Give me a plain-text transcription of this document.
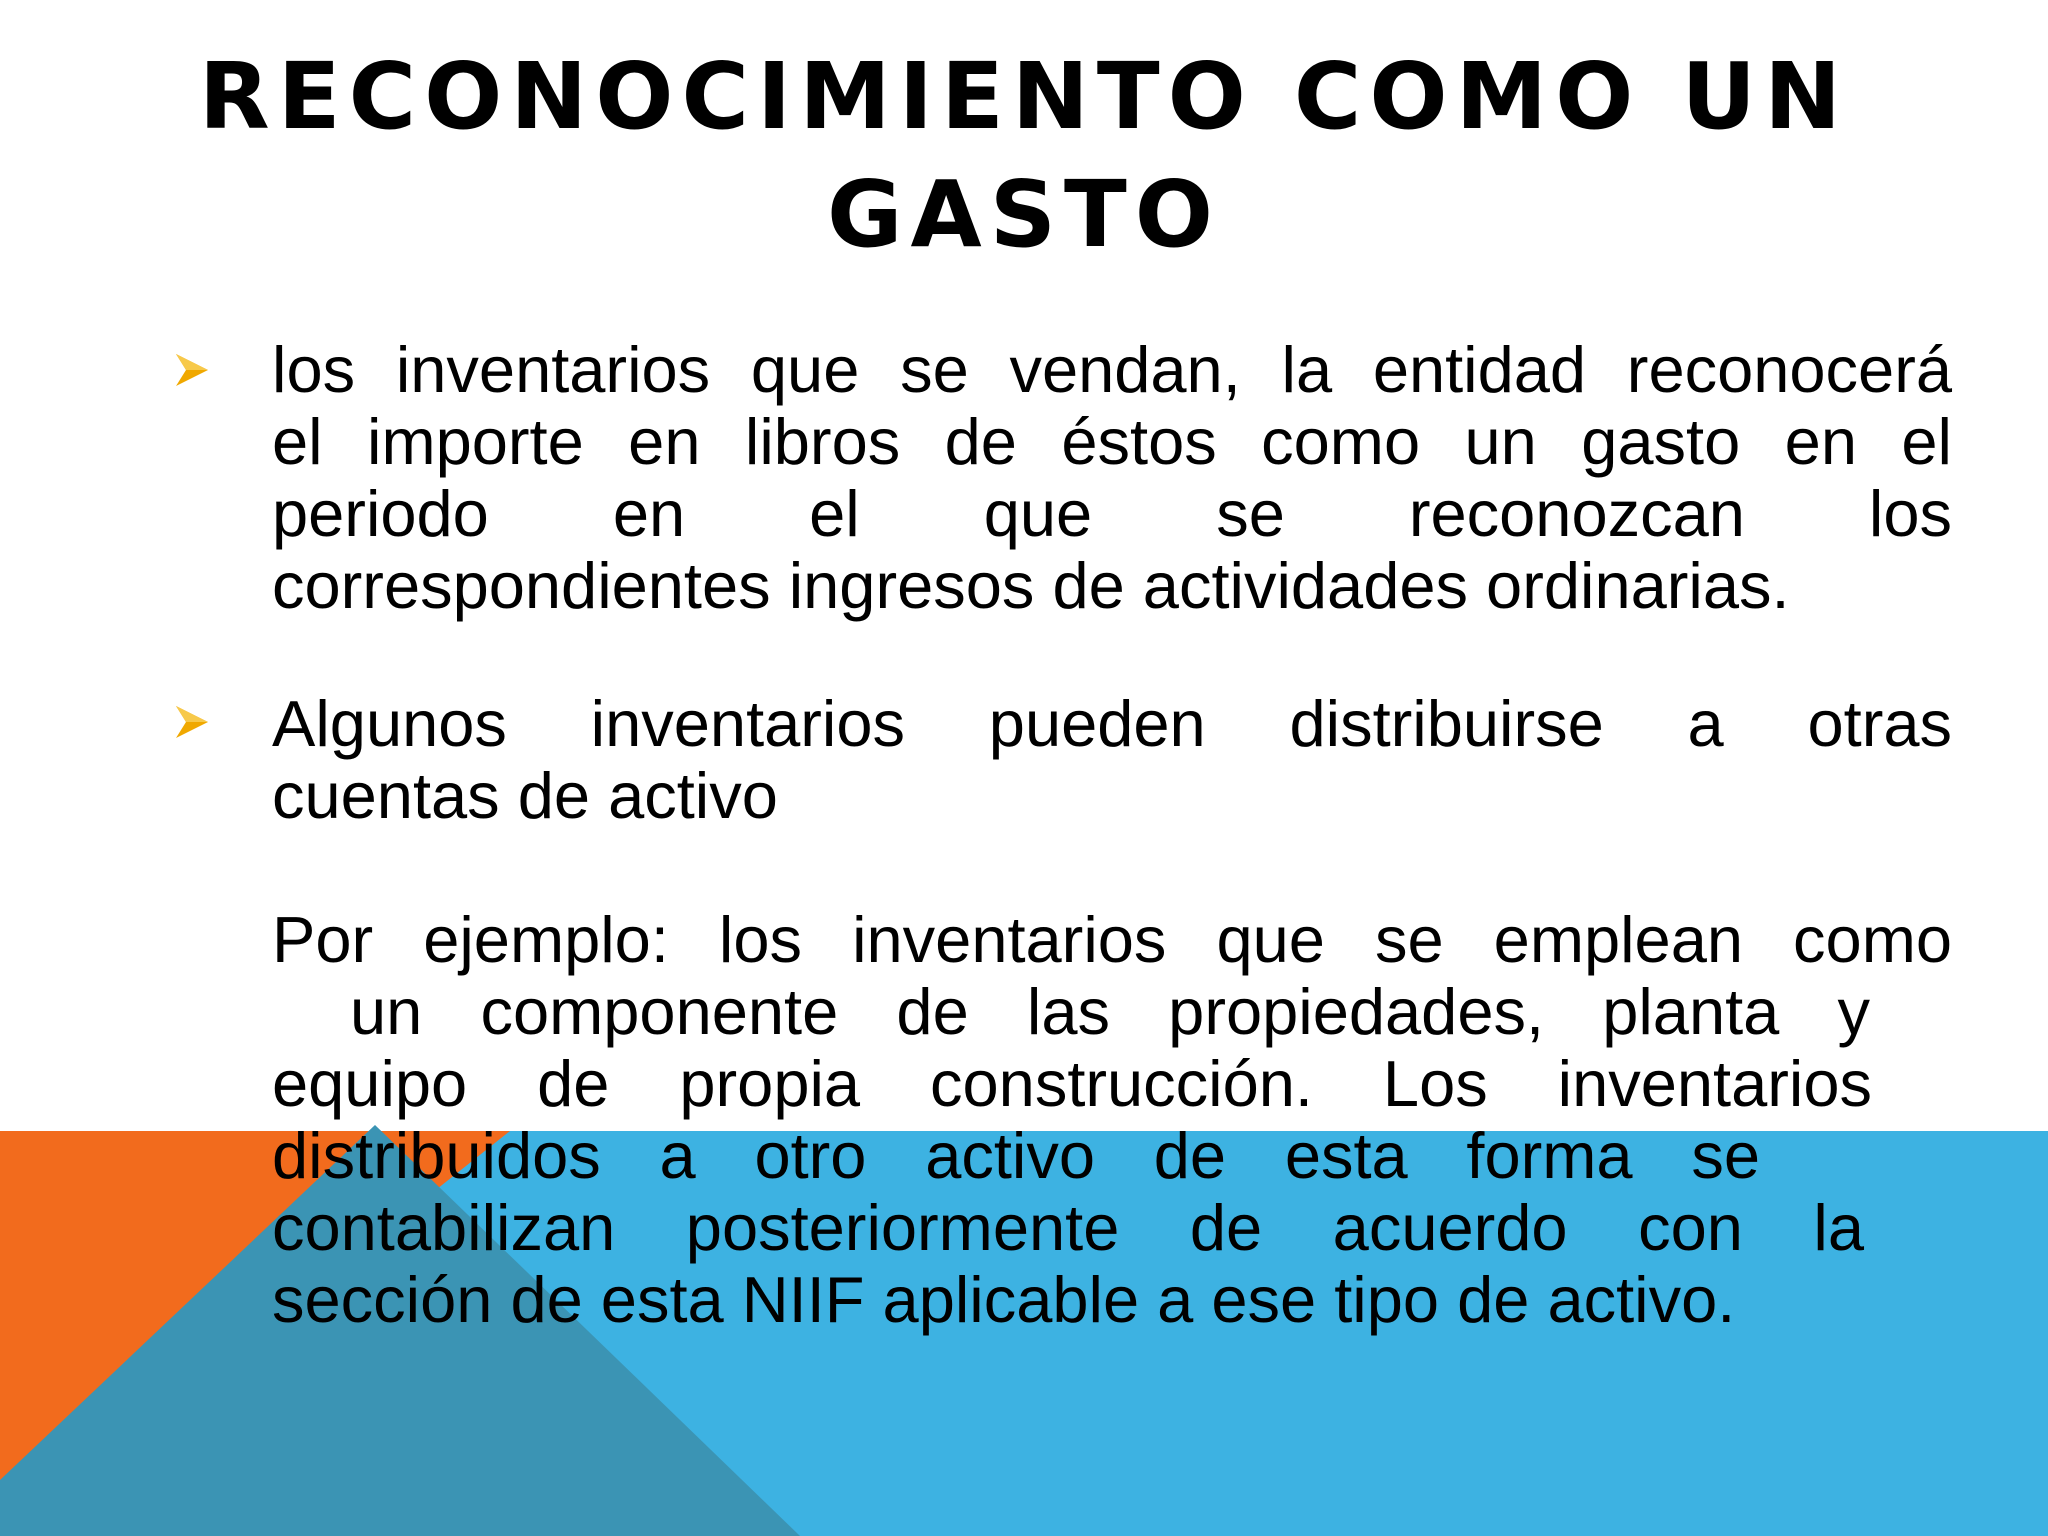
RECONOCIMIENTO COMO UN
GASTO
los inventarios que se vendan, la entidad reconocerá
el importe en libros de éstos como un gasto en el
periodo en el que se reconozcan los
correspondientes ingresos de actividades ordinarias.
Algunos inventarios pueden distribuirse a otras
cuentas de activo
Por ejemplo: los inventarios que se emplean como
un componente de las propiedades, planta y
equipo de propia construcción. Los inventarios
distribuidos a otro activo de esta forma se
contabilizan posteriormente de acuerdo con la
sección de esta NIIF aplicable a ese tipo de activo.
